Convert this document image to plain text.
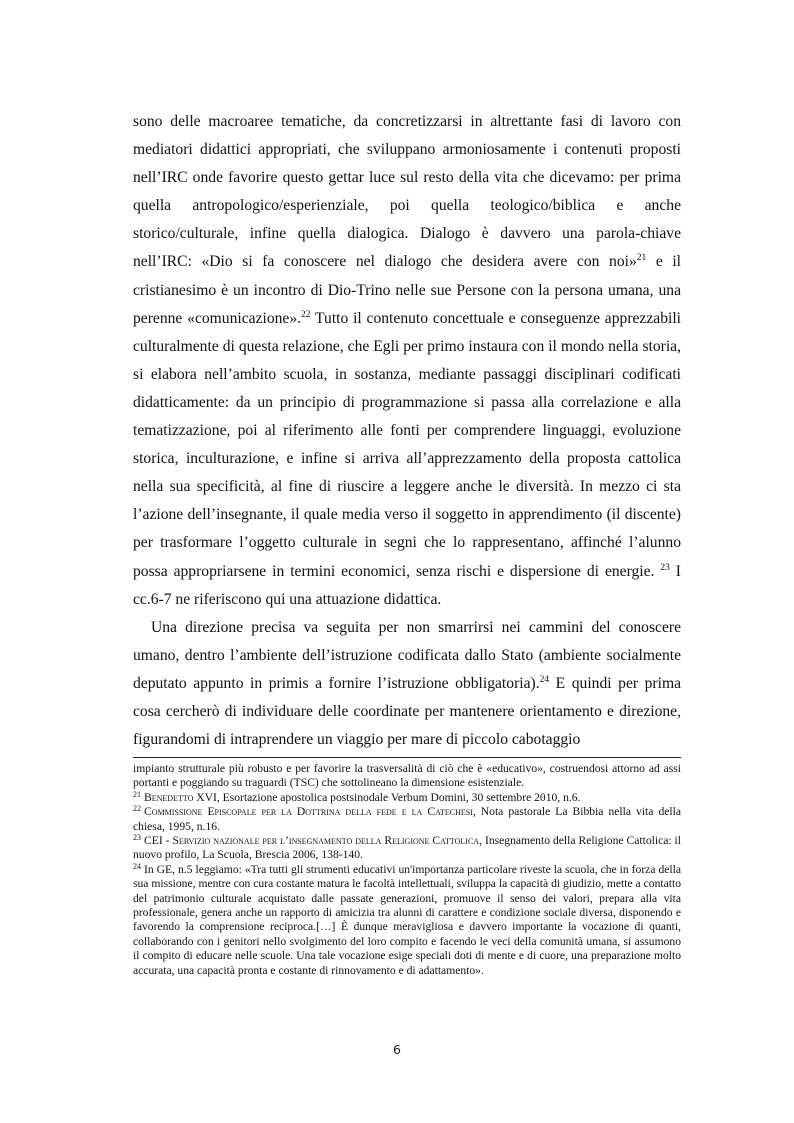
sono delle macroaree tematiche, da concretizzarsi in altrettante fasi di lavoro con mediatori didattici appropriati, che sviluppano armoniosamente i contenuti proposti nell’IRC onde favorire questo gettar luce sul resto della vita che dicevamo: per prima quella antropologico/esperienziale, poi quella teologico/biblica e anche storico/culturale, infine quella dialogica. Dialogo è davvero una parola-chiave nell’IRC: «Dio si fa conoscere nel dialogo che desidera avere con noi»$^{21}$ e il cristianesimo è un incontro di Dio-Trino nelle sue Persone con la persona umana, una perenne «comunicazione».$^{22}$ Tutto il contenuto concettuale e conseguenze apprezzabili culturalmente di questa relazione, che Egli per primo instaura con il mondo nella storia, si elabora nell’ambito scuola, in sostanza, mediante passaggi disciplinari codificati didatticamente: da un principio di programmazione si passa alla correlazione e alla tematizzazione, poi al riferimento alle fonti per comprendere linguaggi, evoluzione storica, inculturazione, e infine si arriva all’apprezzamento della proposta cattolica nella sua specificità, al fine di riuscire a leggere anche le diversità. In mezzo ci sta l’azione dell’insegnante, il quale media verso il soggetto in apprendimento (il discente) per trasformare l’oggetto culturale in segni che lo rappresentano, affinché l’alunno possa appropriarsene in termini economici, senza rischi e dispersione di energie. $^{23}$ I cc.6-7 ne riferiscono qui una attuazione didattica.

Una direzione precisa va seguita per non smarrirsi nei cammini del conoscere umano, dentro l’ambiente dell’istruzione codificata dallo Stato (ambiente socialmente deputato appunto in primis a fornire l’istruzione obbligatoria).$^{24}$ E quindi per prima cosa cercherò di individuare delle coordinate per mantenere orientamento e direzione, figurandomi di intraprendere un viaggio per mare di piccolo cabotaggio

impianto strutturale più robusto e per favorire la trasversalità di ciò che è «educativo», costruendosi attorno ad assi portanti e poggiando su traguardi (TSC) che sottolineano la dimensione esistenziale.

$^{21}$ Benedetto XVI, Esortazione apostolica postsinodale Verbum Domini, 30 settembre 2010, n.6.

$^{22}$ Commissione Episcopale per la Dottrina della fede e la Catechesi, Nota pastorale La Bibbia nella vita della chiesa, 1995, n.16.

$^{23}$ CEI - Servizio nazionale per l’insegnamento della Religione Cattolica, Insegnamento della Religione Cattolica: il nuovo profilo, La Scuola, Brescia 2006, 138-140.

$^{24}$ In GE, n.5 leggiamo: «Tra tutti gli strumenti educativi un'importanza particolare riveste la scuola, che in forza della sua missione, mentre con cura costante matura le facoltà intellettuali, sviluppa la capacità di giudizio, mette a contatto del patrimonio culturale acquistato dalle passate generazioni, promuove il senso dei valori, prepara alla vita professionale, genera anche un rapporto di amicizia tra alunni di carattere e condizione sociale diversa, disponendo e favorendo la comprensione reciproca.[…] È dunque meravigliosa e davvero importante la vocazione di quanti, collaborando con i genitori nello svolgimento del loro compito e facendo le veci della comunità umana, si assumono il compito di educare nelle scuole. Una tale vocazione esige speciali doti di mente e di cuore, una preparazione molto accurata, una capacità pronta e costante di rinnovamento e di adattamento».

6
